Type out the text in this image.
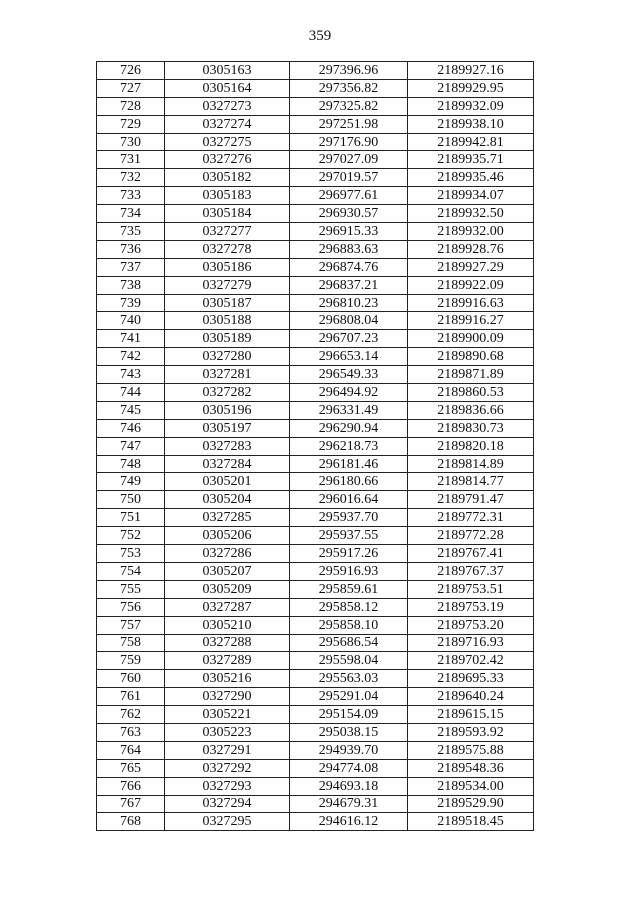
359
726	0305163	297396.96	2189927.16
727	0305164	297356.82	2189929.95
728	0327273	297325.82	2189932.09
729	0327274	297251.98	2189938.10
730	0327275	297176.90	2189942.81
731	0327276	297027.09	2189935.71
732	0305182	297019.57	2189935.46
733	0305183	296977.61	2189934.07
734	0305184	296930.57	2189932.50
735	0327277	296915.33	2189932.00
736	0327278	296883.63	2189928.76
737	0305186	296874.76	2189927.29
738	0327279	296837.21	2189922.09
739	0305187	296810.23	2189916.63
740	0305188	296808.04	2189916.27
741	0305189	296707.23	2189900.09
742	0327280	296653.14	2189890.68
743	0327281	296549.33	2189871.89
744	0327282	296494.92	2189860.53
745	0305196	296331.49	2189836.66
746	0305197	296290.94	2189830.73
747	0327283	296218.73	2189820.18
748	0327284	296181.46	2189814.89
749	0305201	296180.66	2189814.77
750	0305204	296016.64	2189791.47
751	0327285	295937.70	2189772.31
752	0305206	295937.55	2189772.28
753	0327286	295917.26	2189767.41
754	0305207	295916.93	2189767.37
755	0305209	295859.61	2189753.51
756	0327287	295858.12	2189753.19
757	0305210	295858.10	2189753.20
758	0327288	295686.54	2189716.93
759	0327289	295598.04	2189702.42
760	0305216	295563.03	2189695.33
761	0327290	295291.04	2189640.24
762	0305221	295154.09	2189615.15
763	0305223	295038.15	2189593.92
764	0327291	294939.70	2189575.88
765	0327292	294774.08	2189548.36
766	0327293	294693.18	2189534.00
767	0327294	294679.31	2189529.90
768	0327295	294616.12	2189518.45
